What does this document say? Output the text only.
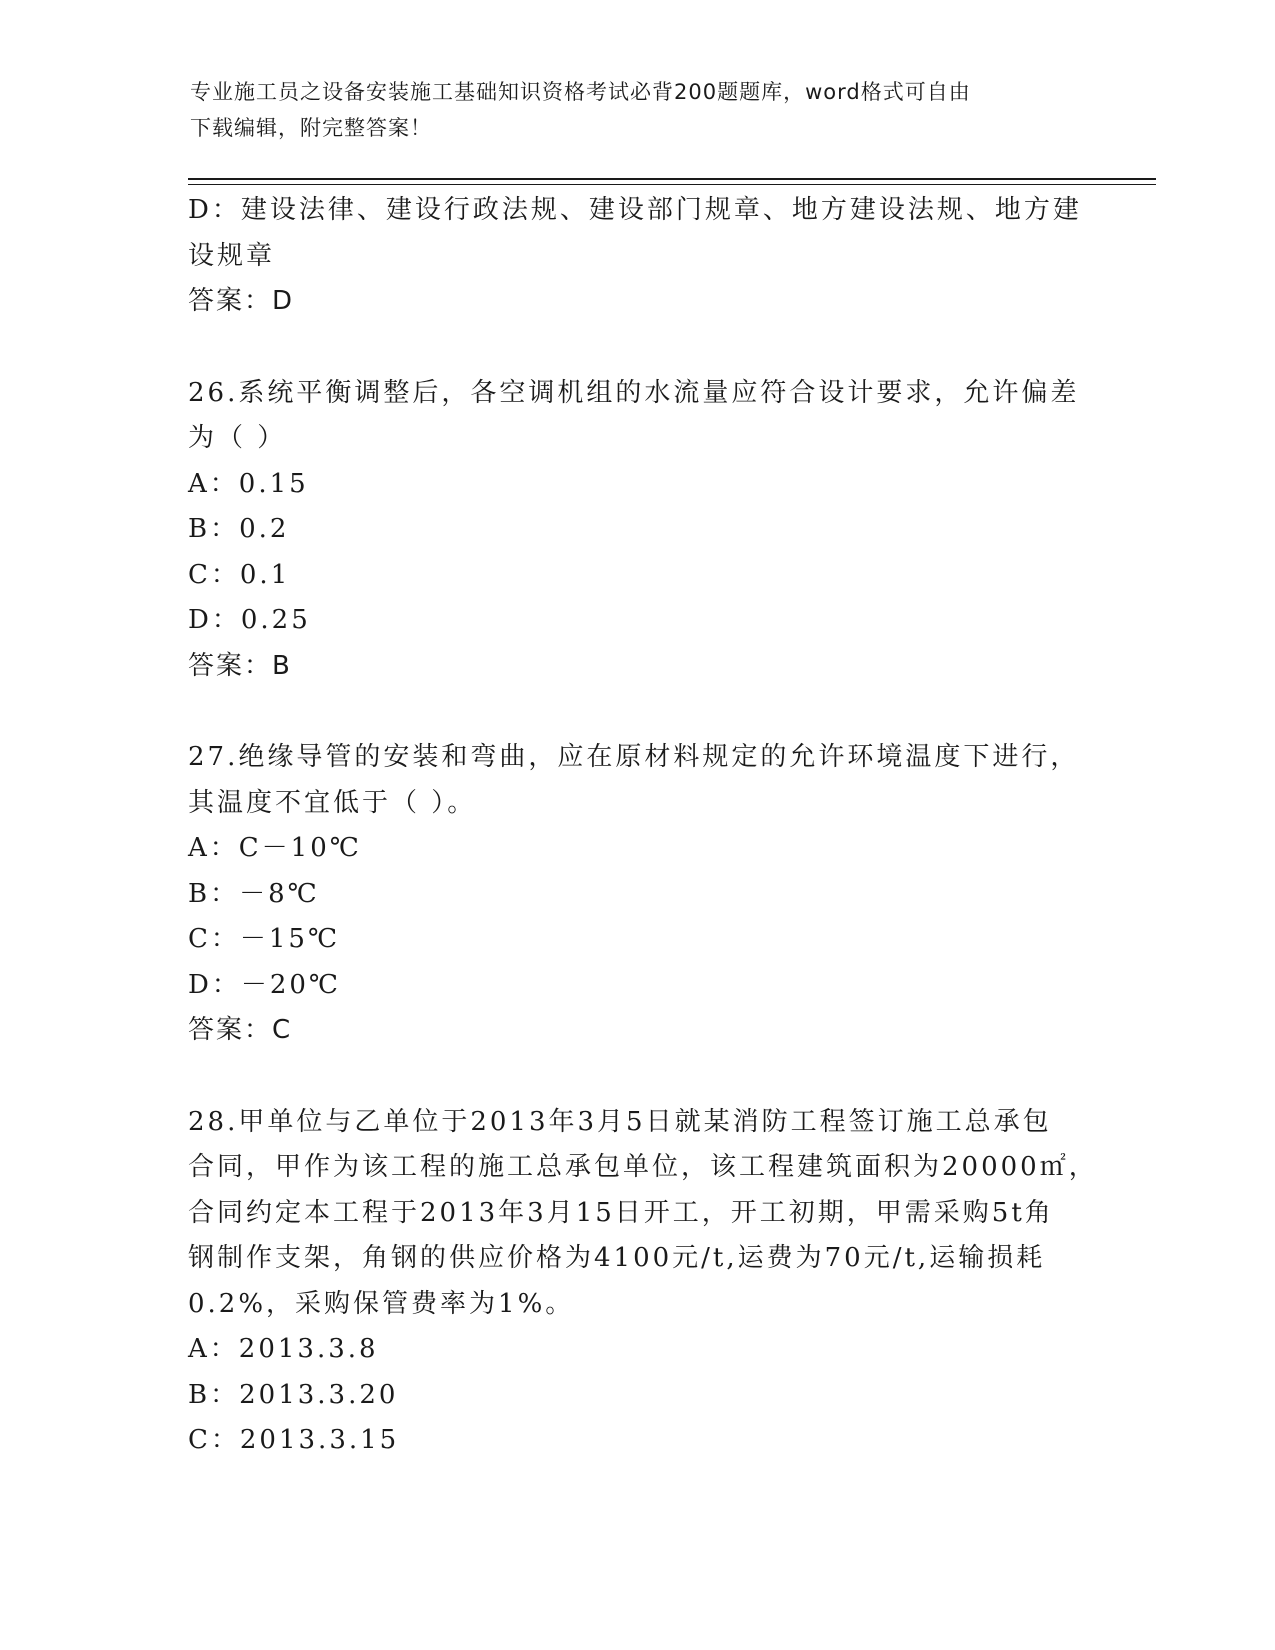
专业施工员之设备安装施工基础知识资格考试必背200题题库，word格式可自由
下载编辑，附完整答案！
D：建设法律、建设行政法规、建设部门规章、地方建设法规、地方建
设规章
答案：D
26.系统平衡调整后，各空调机组的水流量应符合设计要求，允许偏差
为（ ）
A：0.15
B：0.2
C：0.1
D：0.25
答案：B
27.绝缘导管的安装和弯曲，应在原材料规定的允许环境温度下进行，
其温度不宜低于（ ）。
A：C－10℃
B：－8℃
C：－15℃
D：－20℃
答案：C
28.甲单位与乙单位于2013年3月5日就某消防工程签订施工总承包
合同，甲作为该工程的施工总承包单位，该工程建筑面积为20000㎡，
合同约定本工程于2013年3月15日开工，开工初期，甲需采购5t角
钢制作支架，角钢的供应价格为4100元/t,运费为70元/t,运输损耗
0.2%，采购保管费率为1%。
A：2013.3.8
B：2013.3.20
C：2013.3.15
